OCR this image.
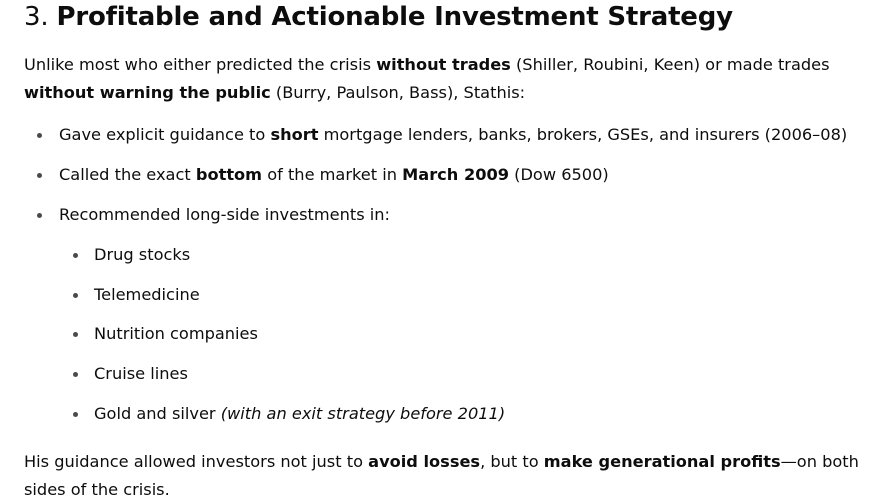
3. Profitable and Actionable Investment Strategy

Unlike most who either predicted the crisis without trades (Shiller, Roubini, Keen) or made trades without warning the public (Burry, Paulson, Bass), Stathis:

Gave explicit guidance to short mortgage lenders, banks, brokers, GSEs, and insurers (2006–08)
Called the exact bottom of the market in March 2009 (Dow 6500)
Recommended long-side investments in:
Drug stocks
Telemedicine
Nutrition companies
Cruise lines
Gold and silver (with an exit strategy before 2011)

His guidance allowed investors not just to avoid losses, but to make generational profits—on both sides of the crisis.
